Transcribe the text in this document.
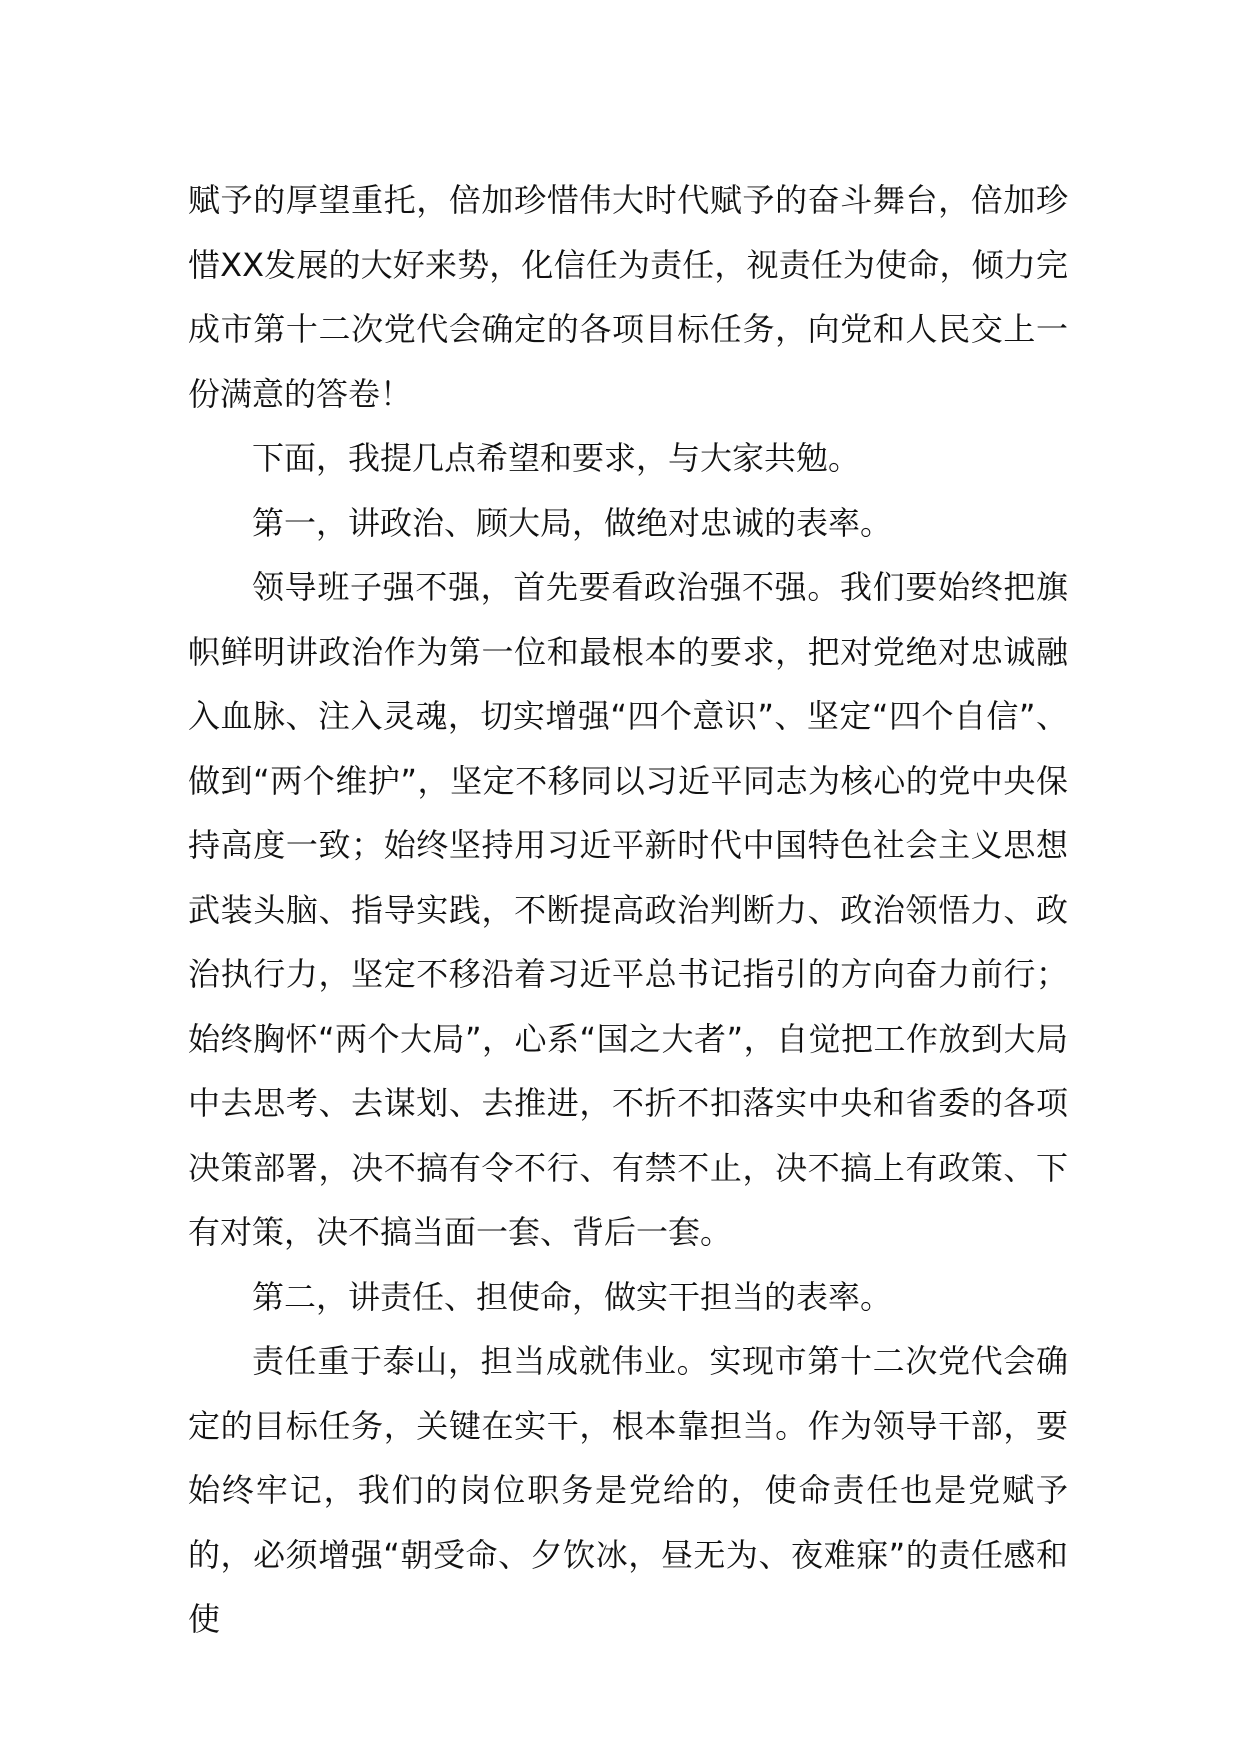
赋予的厚望重托，倍加珍惜伟大时代赋予的奋斗舞台，倍加珍惜XX发展的大好来势，化信任为责任，视责任为使命，倾力完成市第十二次党代会确定的各项目标任务，向党和人民交上一份满意的答卷！

下面，我提几点希望和要求，与大家共勉。

第一，讲政治、顾大局，做绝对忠诚的表率。

领导班子强不强，首先要看政治强不强。我们要始终把旗帜鲜明讲政治作为第一位和最根本的要求，把对党绝对忠诚融入血脉、注入灵魂，切实增强“四个意识”、坚定“四个自信”、做到“两个维护”，坚定不移同以习近平同志为核心的党中央保持高度一致；始终坚持用习近平新时代中国特色社会主义思想武装头脑、指导实践，不断提高政治判断力、政治领悟力、政治执行力，坚定不移沿着习近平总书记指引的方向奋力前行；始终胸怀“两个大局”，心系“国之大者”，自觉把工作放到大局中去思考、去谋划、去推进，不折不扣落实中央和省委的各项决策部署，决不搞有令不行、有禁不止，决不搞上有政策、下有对策，决不搞当面一套、背后一套。

第二，讲责任、担使命，做实干担当的表率。

责任重于泰山，担当成就伟业。实现市第十二次党代会确定的目标任务，关键在实干，根本靠担当。作为领导干部，要始终牢记，我们的岗位职务是党给的，使命责任也是党赋予的，必须增强“朝受命、夕饮冰，昼无为、夜难寐”的责任感和使
